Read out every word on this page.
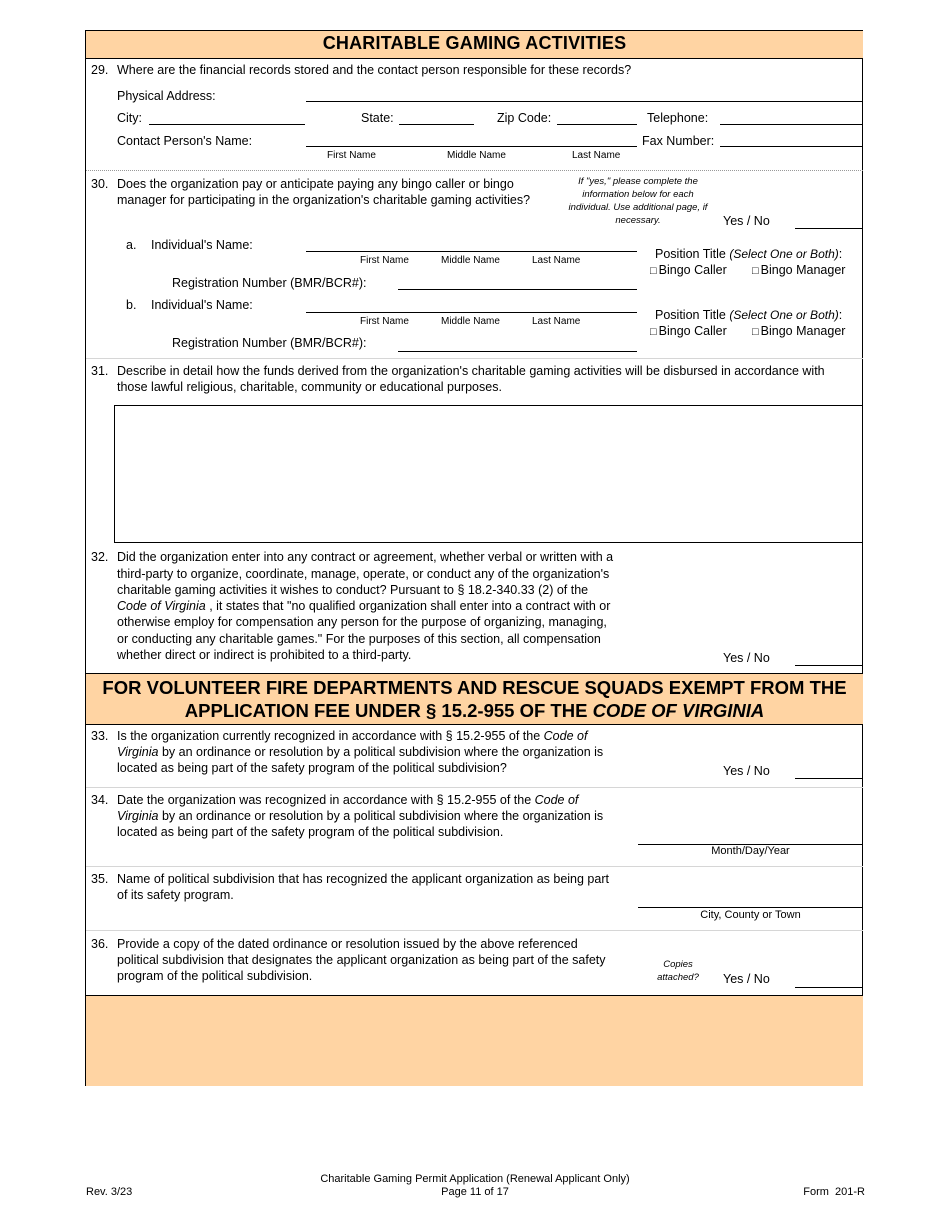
CHARITABLE GAMING ACTIVITIES
29. Where are the financial records stored and the contact person responsible for these records?
Physical Address:
City:	State:	Zip Code:	Telephone:
Contact Person's Name:	Fax Number:
First Name	Middle Name	Last Name
30. Does the organization pay or anticipate paying any bingo caller or bingo
manager for participating in the organization's charitable gaming activities?
If "yes," please complete the
information below for each
individual. Use additional page, if
necessary.	Yes / No
a. Individual's Name:
First Name	Middle Name	Last Name	Position Title (Select One or Both):
□ Bingo Caller □ Bingo Manager
Registration Number (BMR/BCR#):
b. Individual's Name:
First Name	Middle Name	Last Name	Position Title (Select One or Both):
□ Bingo Caller □ Bingo Manager
Registration Number (BMR/BCR#):
31. Describe in detail how the funds derived from the organization's charitable gaming activities will be disbursed in accordance with
those lawful religious, charitable, community or educational purposes.
32. Did the organization enter into any contract or agreement, whether verbal or written with a
third-party to organize, coordinate, manage, operate, or conduct any of the organization's
charitable gaming activities it wishes to conduct? Pursuant to § 18.2-340.33 (2) of the
Code of Virginia , it states that "no qualified organization shall enter into a contract with or
otherwise employ for compensation any person for the purpose of organizing, managing,
or conducting any charitable games." For the purposes of this section, all compensation
whether direct or indirect is prohibited to a third-party.	Yes / No
FOR VOLUNTEER FIRE DEPARTMENTS AND RESCUE SQUADS EXEMPT FROM THE
APPLICATION FEE UNDER § 15.2-955 OF THE CODE OF VIRGINIA
33. Is the organization currently recognized in accordance with § 15.2-955 of the Code of
Virginia by an ordinance or resolution by a political subdivision where the organization is
located as being part of the safety program of the political subdivision?	Yes / No
34. Date the organization was recognized in accordance with § 15.2-955 of the Code of
Virginia by an ordinance or resolution by a political subdivision where the organization is
located as being part of the safety program of the political subdivision.
Month/Day/Year
35. Name of political subdivision that has recognized the applicant organization as being part
of its safety program.
City, County or Town
36. Provide a copy of the dated ordinance or resolution issued by the above referenced
political subdivision that designates the applicant organization as being part of the safety
program of the political subdivision.
Copies
attached?	Yes / No
Rev. 3/23
Charitable Gaming Permit Application (Renewal Applicant Only)
Page 11 of 17	Form  201-R
